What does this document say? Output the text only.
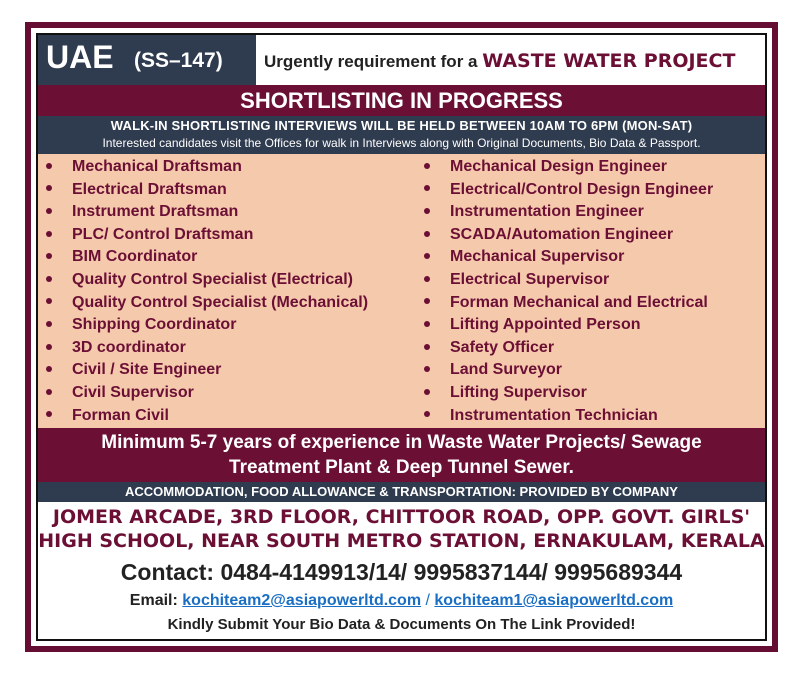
UAE (SS–147) Urgently requirement for a WASTE WATER PROJECT
SHORTLISTING IN PROGRESS
WALK-IN SHORTLISTING INTERVIEWS WILL BE HELD BETWEEN 10AM TO 6PM (MON-SAT)
Interested candidates visit the Offices for walk in Interviews along with Original Documents, Bio Data & Passport.
Mechanical Draftsman
Electrical Draftsman
Instrument Draftsman
PLC/ Control Draftsman
BIM Coordinator
Quality Control Specialist (Electrical)
Quality Control Specialist (Mechanical)
Shipping Coordinator
3D coordinator
Civil / Site Engineer
Civil Supervisor
Forman Civil
Mechanical Design Engineer
Electrical/Control Design Engineer
Instrumentation Engineer
SCADA/Automation Engineer
Mechanical Supervisor
Electrical Supervisor
Forman Mechanical and Electrical
Lifting Appointed Person
Safety Officer
Land Surveyor
Lifting Supervisor
Instrumentation Technician
Minimum 5-7 years of experience in Waste Water Projects/ Sewage
Treatment Plant & Deep Tunnel Sewer.
ACCOMMODATION, FOOD ALLOWANCE & TRANSPORTATION: PROVIDED BY COMPANY
JOMER ARCADE, 3RD FLOOR, CHITTOOR ROAD, OPP. GOVT. GIRLS'
HIGH SCHOOL, NEAR SOUTH METRO STATION, ERNAKULAM, KERALA
Contact: 0484-4149913/14/ 9995837144/ 9995689344
Email: kochiteam2@asiapowerltd.com / kochiteam1@asiapowerltd.com
Kindly Submit Your Bio Data & Documents On The Link Provided!
